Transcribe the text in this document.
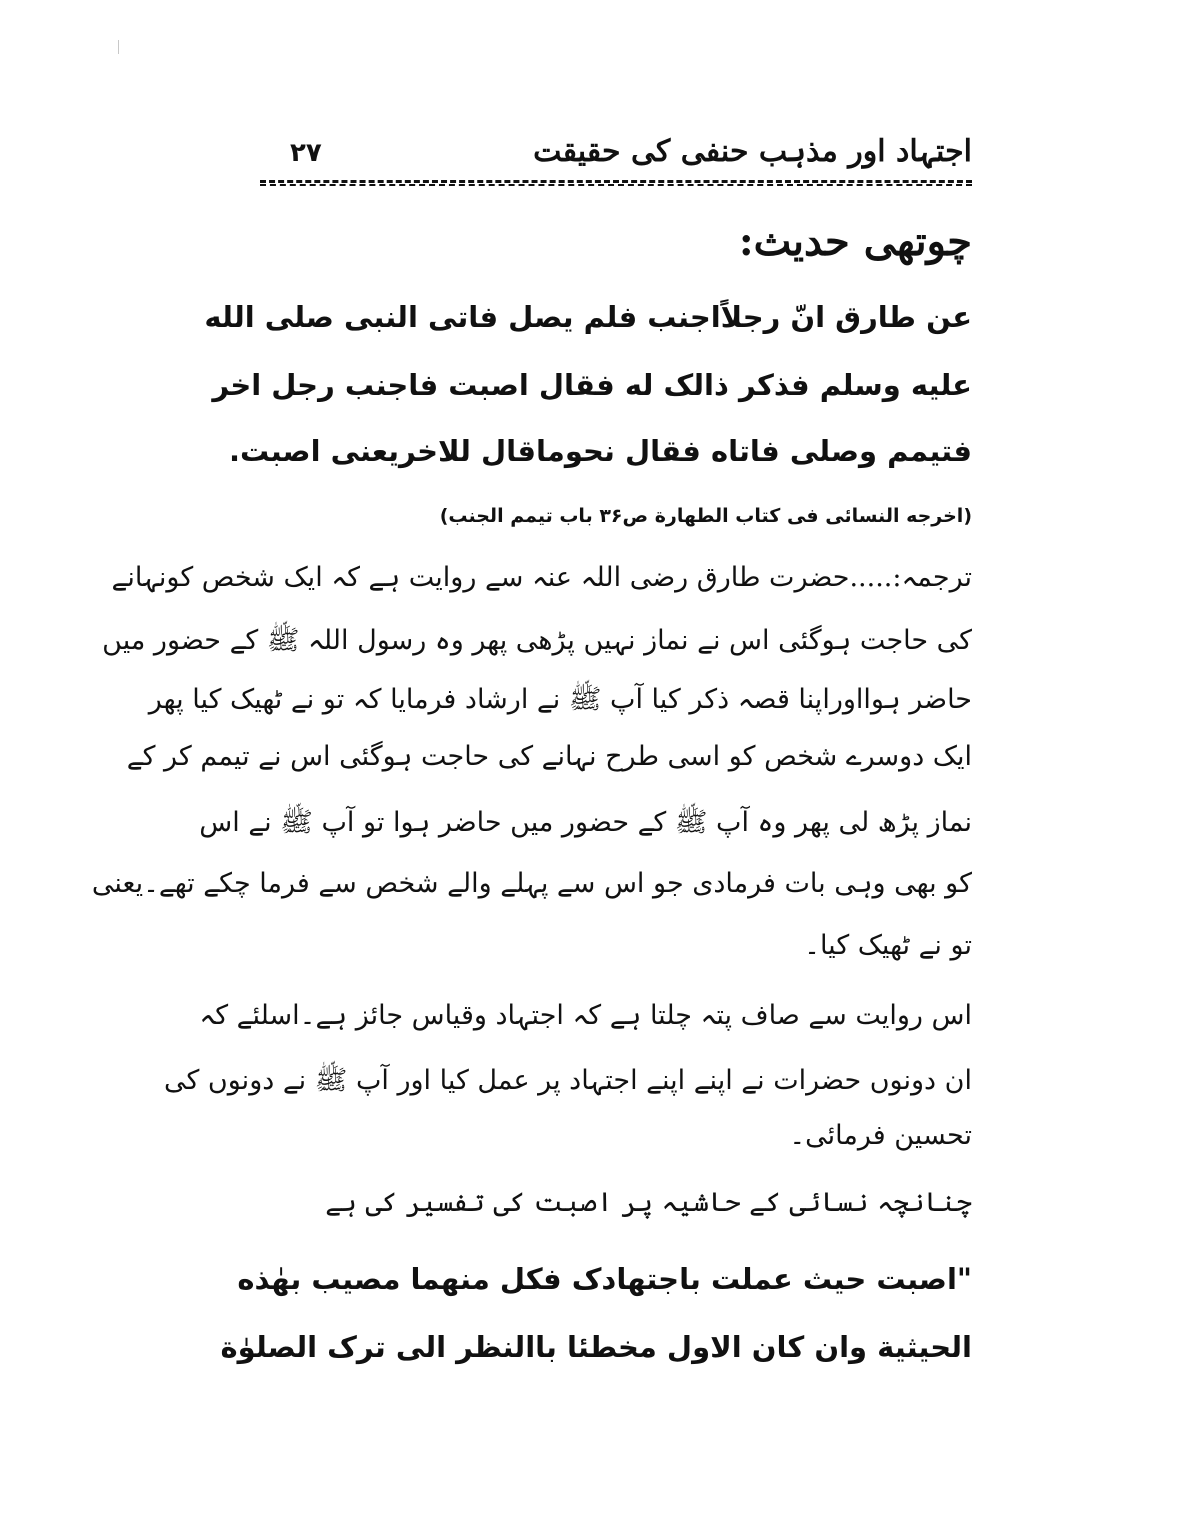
اجتہاد اور مذہب حنفی کی حقیقت
۲۷
چوتھی حدیث:
عن طارق انّ رجلاًاجنب فلم يصل فاتى النبى صلى الله
عليه وسلم فذكر ذالک له فقال اصبت فاجنب رجل اخر
فتيمم وصلى فاتاه فقال نحوماقال للاخريعنى اصبت.
(اخرجه النسائى فى كتاب الطهارة ص۳۶ باب تيمم الجنب)
ترجمہ:.....حضرت طارق رضی اللہ عنہ سے روایت ہے کہ ایک شخص کونہانے
کی حاجت ہوگئی اس نے نماز نہیں پڑھی پھر وہ رسول اللہ ﷺ کے حضور میں
حاضر ہوااوراپنا قصہ ذکر کیا آپ ﷺ نے ارشاد فرمایا کہ تو نے ٹھیک کیا پھر
ایک دوسرے شخص کو اسی طرح نہانے کی حاجت ہوگئی اس نے تیمم کر کے
نماز پڑھ لی پھر وہ آپ ﷺ کے حضور میں حاضر ہوا تو آپ ﷺ نے اس
کو بھی وہی بات فرمادی جو اس سے پہلے والے شخص سے فرما چکے تھے۔یعنی
تو نے ٹھیک کیا۔
اس روایت سے صاف پتہ چلتا ہے کہ اجتہاد وقیاس جائز ہے۔اسلئے کہ
ان دونوں حضرات نے اپنے اپنے اجتہاد پر عمل کیا اور آپ ﷺ نے دونوں کی
تحسین فرمائی۔
چنانچہ نسائی کے حاشیہ پر اصبت کی تفسیر کی ہے
"اصبت حيث عملت باجتهادک فكل منهما مصيب بهٰذه
الحيثية وان كان الاول مخطئا باالنظر الى ترک الصلوٰة
